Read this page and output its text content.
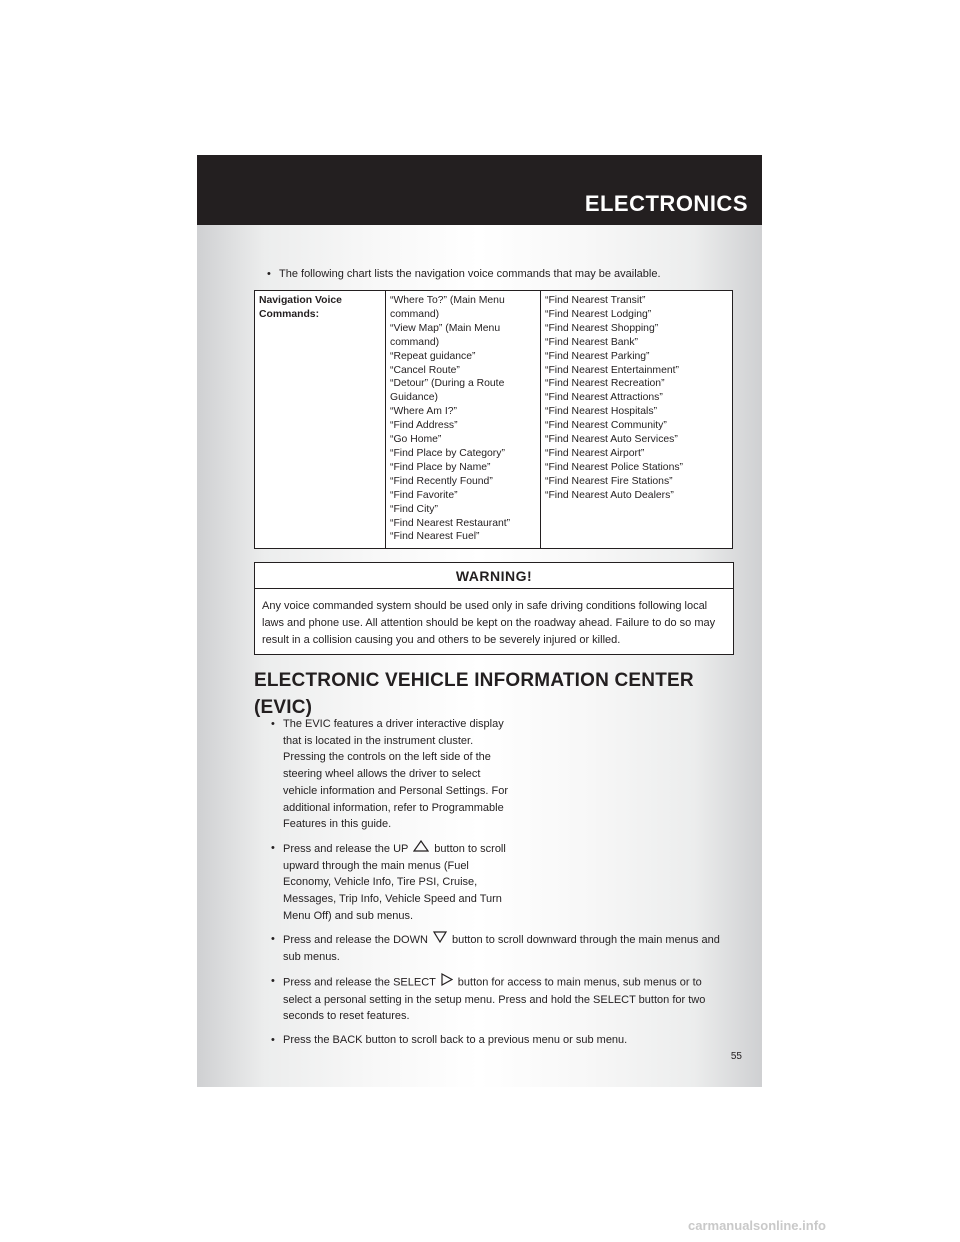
ELECTRONICS
• The following chart lists the navigation voice commands that may be available.
Navigation Voice
Commands:

“Where To?” (Main Menu
command)
“View Map” (Main Menu
command)
“Repeat guidance”
“Cancel Route”
“Detour” (During a Route
Guidance)
“Where Am I?”
“Find Address”
“Go Home”
“Find Place by Category”
“Find Place by Name”
“Find Recently Found”
“Find Favorite”
“Find City”
“Find Nearest Restaurant”
“Find Nearest Fuel”

“Find Nearest Transit”
“Find Nearest Lodging”
“Find Nearest Shopping”
“Find Nearest Bank”
“Find Nearest Parking”
“Find Nearest Entertainment”
“Find Nearest Recreation”
“Find Nearest Attractions”
“Find Nearest Hospitals”
“Find Nearest Community”
“Find Nearest Auto Services”
“Find Nearest Airport”
“Find Nearest Police Stations”
“Find Nearest Fire Stations”
“Find Nearest Auto Dealers”
WARNING!
Any voice commanded system should be used only in safe driving conditions following local laws and phone use. All attention should be kept on the roadway ahead. Failure to do so may result in a collision causing you and others to be severely injured or killed.
ELECTRONIC VEHICLE INFORMATION CENTER
(EVIC)
• The EVIC features a driver interactive display that is located in the instrument cluster. Pressing the controls on the left side of the steering wheel allows the driver to select vehicle information and Personal Settings. For additional information, refer to Programmable Features in this guide.
• Press and release the UP button to scroll upward through the main menus (Fuel Economy, Vehicle Info, Tire PSI, Cruise, Messages, Trip Info, Vehicle Speed and Turn Menu Off) and sub menus.
• Press and release the DOWN button to scroll downward through the main menus and sub menus.
• Press and release the SELECT button for access to main menus, sub menus or to select a personal setting in the setup menu. Press and hold the SELECT button for two seconds to reset features.
• Press the BACK button to scroll back to a previous menu or sub menu.
55
carmanualsonline.info
